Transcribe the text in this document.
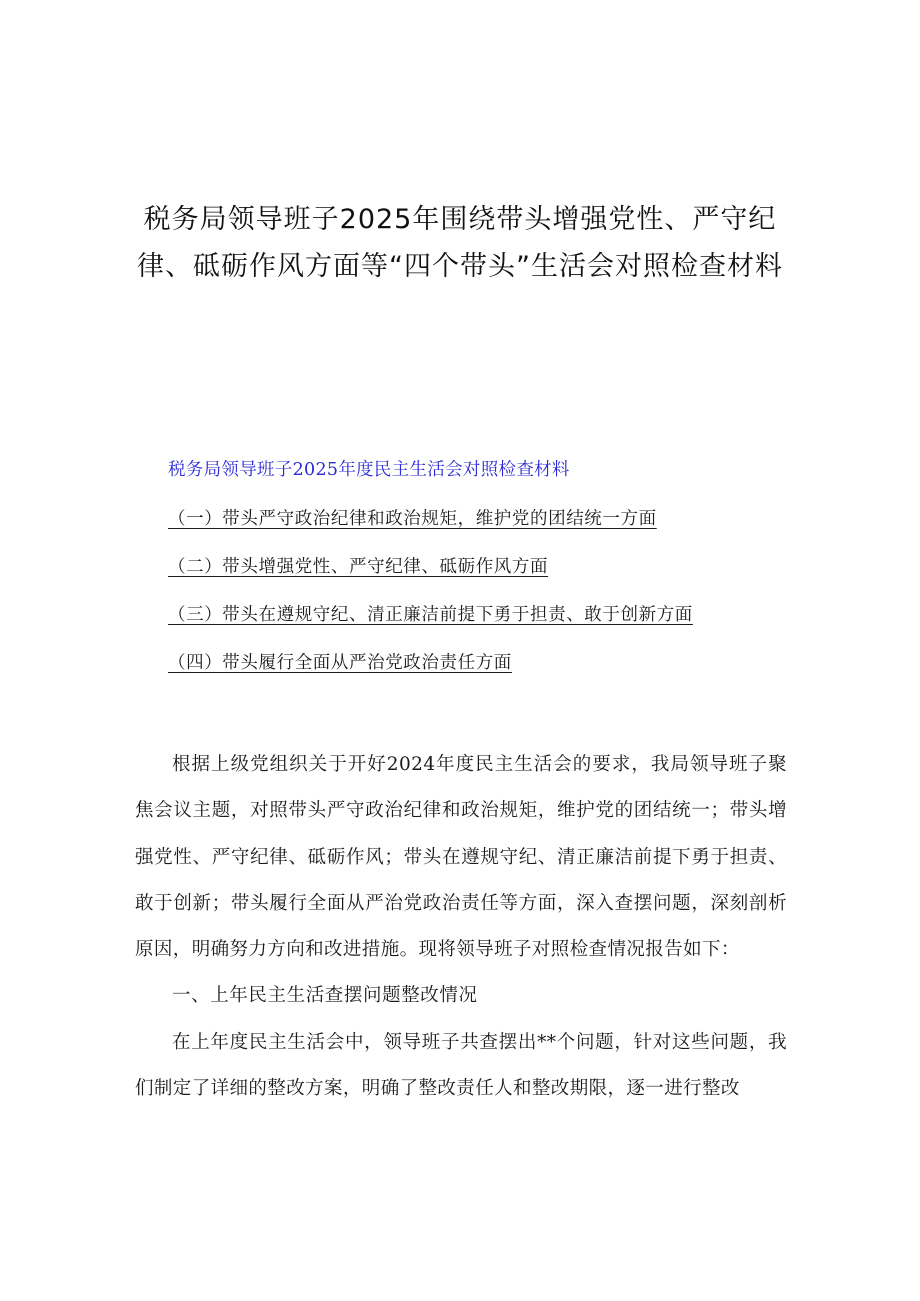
税务局领导班子2025年围绕带头增强党性、严守纪律、砥砺作风方面等“四个带头”生活会对照检查材料

税务局领导班子2025年度民主生活会对照检查材料

（一）带头严守政治纪律和政治规矩，维护党的团结统一方面

（二）带头增强党性、严守纪律、砥砺作风方面

（三）带头在遵规守纪、清正廉洁前提下勇于担责、敢于创新方面

（四）带头履行全面从严治党政治责任方面

根据上级党组织关于开好2024年度民主生活会的要求，我局领导班子聚焦会议主题，对照带头严守政治纪律和政治规矩，维护党的团结统一；带头增强党性、严守纪律、砥砺作风；带头在遵规守纪、清正廉洁前提下勇于担责、敢于创新；带头履行全面从严治党政治责任等方面，深入查摆问题，深刻剖析原因，明确努力方向和改进措施。现将领导班子对照检查情况报告如下：

一、上年民主生活查摆问题整改情况

在上年度民主生活会中，领导班子共查摆出**个问题，针对这些问题，我们制定了详细的整改方案，明确了整改责任人和整改期限，逐一进行整改
